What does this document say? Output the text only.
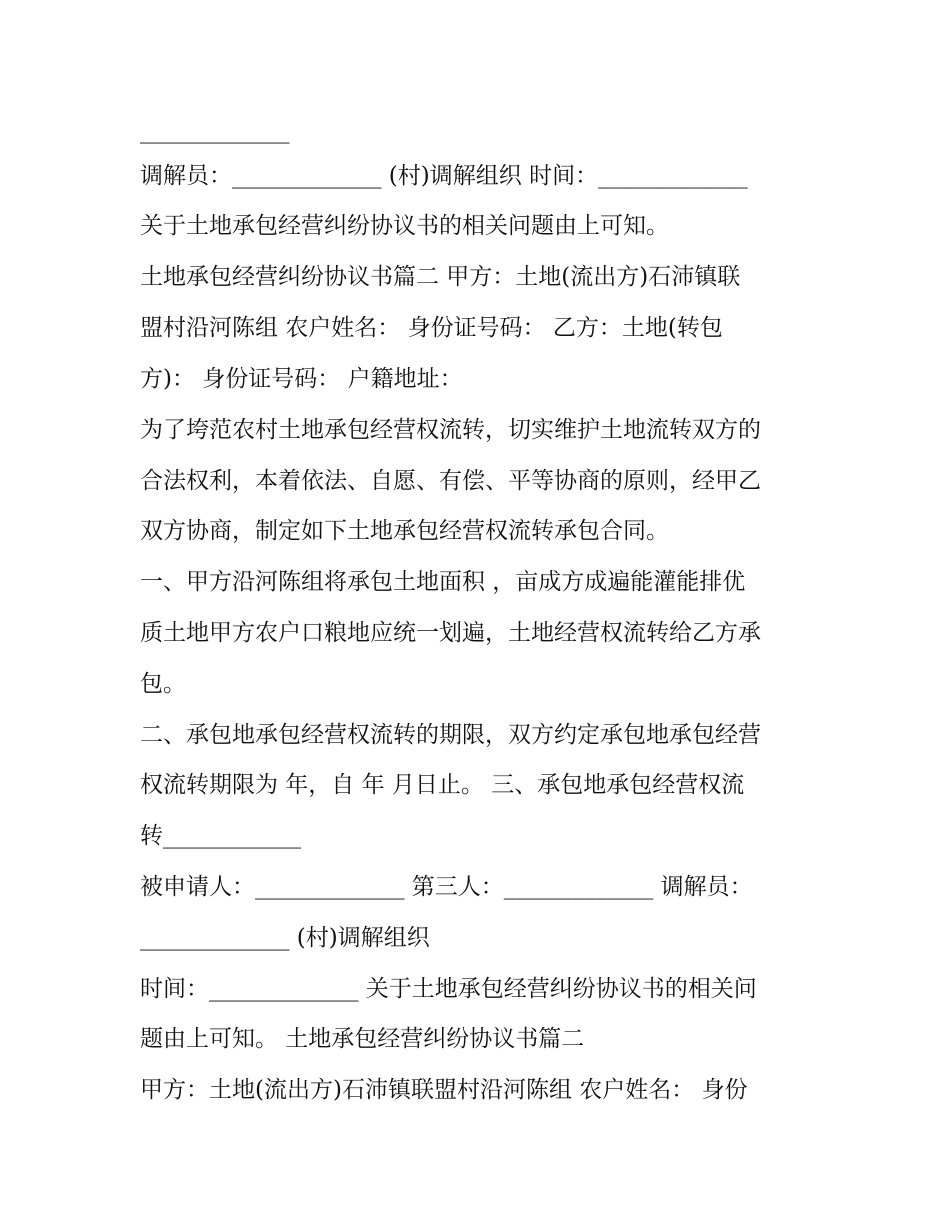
_____________
调解员：_____________ (村)调解组织 时间：_____________
关于土地承包经营纠纷协议书的相关问题由上可知。
土地承包经营纠纷协议书篇二 甲方：土地(流出方)石沛镇联
盟村沿河陈组 农户姓名： 身份证号码： 乙方：土地(转包
方)： 身份证号码： 户籍地址：
为了垮范农村土地承包经营权流转，切实维护土地流转双方的
合法权利，本着依法、自愿、有偿、平等协商的原则，经甲乙
双方协商，制定如下土地承包经营权流转承包合同。
一、甲方沿河陈组将承包土地面积 ，亩成方成遍能灌能排优
质土地甲方农户口粮地应统一划遍，土地经营权流转给乙方承
包。
二、承包地承包经营权流转的期限，双方约定承包地承包经营
权流转期限为 年，自 年 月日止。 三、承包地承包经营权流
转____________
被申请人：_____________ 第三人：_____________ 调解员：
_____________ (村)调解组织
时间：_____________ 关于土地承包经营纠纷协议书的相关问
题由上可知。 土地承包经营纠纷协议书篇二
甲方：土地(流出方)石沛镇联盟村沿河陈组 农户姓名： 身份
